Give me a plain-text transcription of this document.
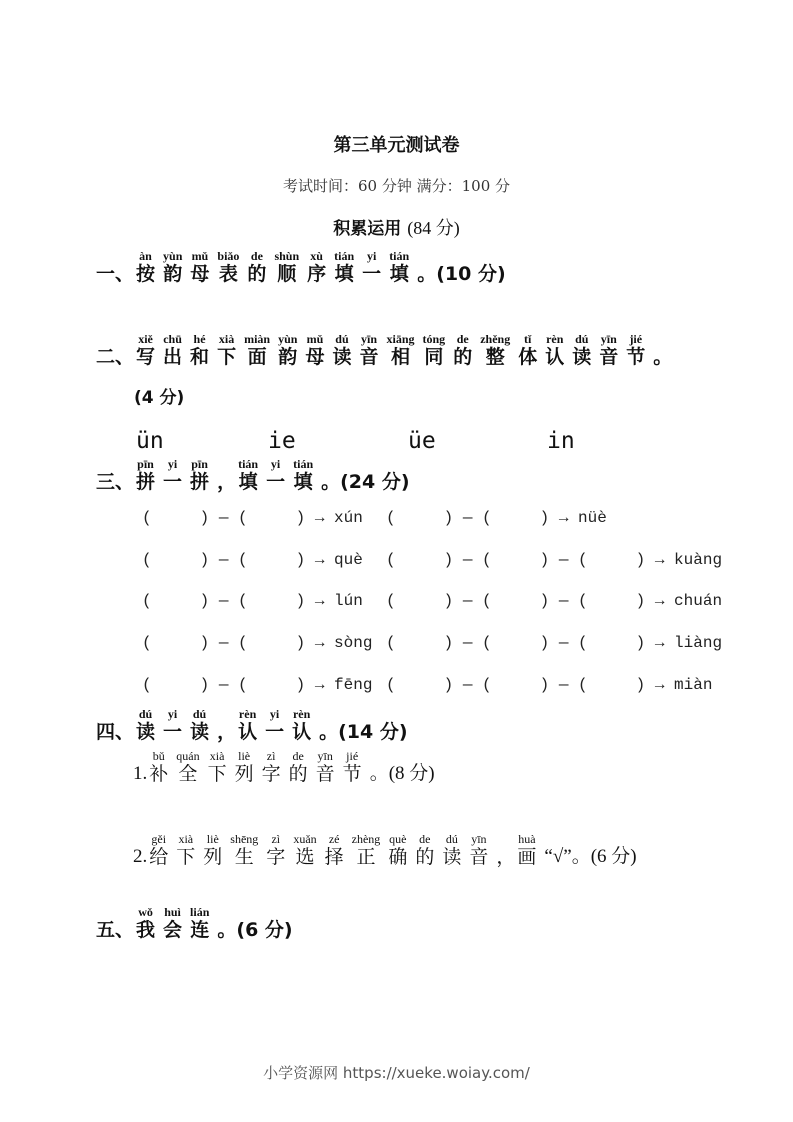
第三单元测试卷
考试时间：60 分钟 满分：100 分
积累运用 (84 分)
一、
àn
按
yùn
韵
mǔ
母
biǎo
表
de
的
shùn
顺
xù
序
tián
填
yi
一
tián
填 。(10 分)
二、
xiě
写
chū
出
hé
和
xià
下
miàn
面
yùn
韵
mǔ
母
dú
读
yīn
音
xiāng
相
tóng
同
de
的
zhěng
整
tǐ
体
rèn
认
dú
读
yīn
音
jié
节 。
(4 分)
ün	ie	üe	in
三、
pīn
拼
yi
一
pīn
拼
，
tián
填
yi
一
tián
填 。(24 分)
(     ) — (     ) → xún (     ) — (     ) → nüè
(     ) — (     ) → què (     ) — (     ) — (     ) → kuàng
(     ) — (     ) → lún (     ) — (     ) — (     ) → chuán
(     ) — (     ) → sòng (     ) — (     ) — (     ) → liàng
(     ) — (     ) → fēng (     ) — (     ) — (     ) → miàn
四、
dú
读
yi
一
dú
读
，
rèn
认
yi
一
rèn
认 。(14 分)
1.
bǔ
补
quán
全
xià
下
liè
列
zì
字
de
的
yīn
音
jié
节 。(8 分)
2.
gěi
给
xià
下
liè
列
shēng
生
zì
字
xuǎn
选
zé
择
zhèng
正
què
确
de
的
dú
读
yīn
音
，
huà
画 “√”。(6 分)
五、
wǒ
我
huì
会
lián
连 。(6 分)
小学资源网 https://xueke.woiay.com/
